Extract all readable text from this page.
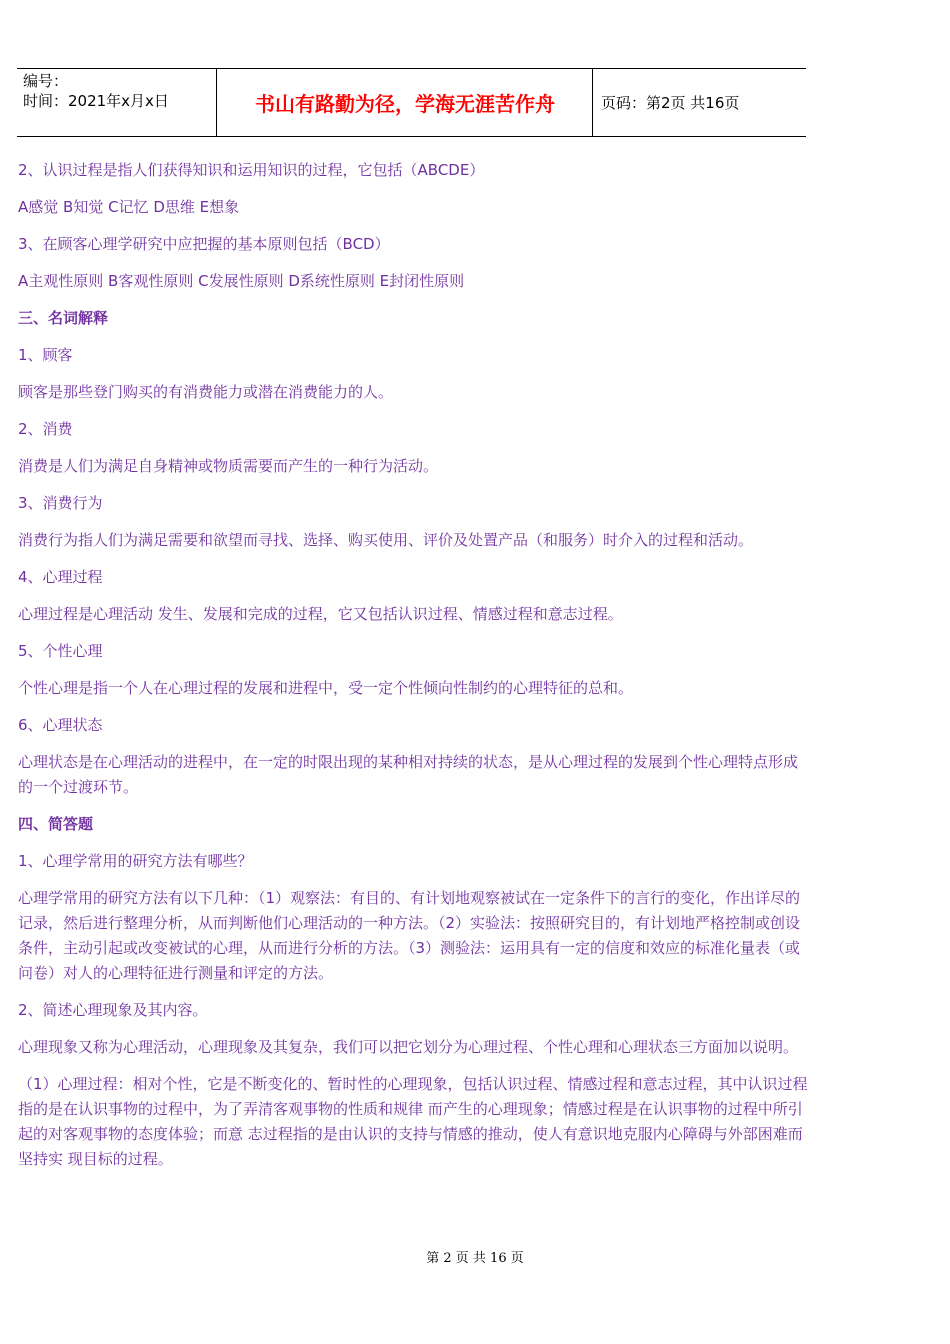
编号：
时间：2021年x月x日	书山有路勤为径，学海无涯苦作舟	页码：第2页 共16页

2、认识过程是指人们获得知识和运用知识的过程，它包括（ABCDE）

A感觉 B知觉 C记忆 D思维 E想象

3、在顾客心理学研究中应把握的基本原则包括（BCD）

A主观性原则 B客观性原则 C发展性原则 D系统性原则 E封闭性原则

三、名词解释

1、顾客

顾客是那些登门购买的有消费能力或潜在消费能力的人。

2、消费

消费是人们为满足自身精神或物质需要而产生的一种行为活动。

3、消费行为

消费行为指人们为满足需要和欲望而寻找、选择、购买使用、评价及处置产品（和服务）时介入的过程和活动。

4、心理过程

心理过程是心理活动 发生、发展和完成的过程，它又包括认识过程、情感过程和意志过程。

5、个性心理

个性心理是指一个人在心理过程的发展和进程中，受一定个性倾向性制约的心理特征的总和。

6、心理状态

心理状态是在心理活动的进程中，在一定的时限出现的某种相对持续的状态，是从心理过程的发展到个性心理特点形成的一个过渡环节。

四、简答题

1、心理学常用的研究方法有哪些？

心理学常用的研究方法有以下几种：（1）观察法：有目的、有计划地观察被试在一定条件下的言行的变化，作出详尽的记录，然后进行整理分析，从而判断他们心理活动的一种方法。（2）实验法：按照研究目的，有计划地严格控制或创设条件，主动引起或改变被试的心理，从而进行分析的方法。（3）测验法：运用具有一定的信度和效应的标准化量表（或问卷）对人的心理特征进行测量和评定的方法。

2、简述心理现象及其内容。

心理现象又称为心理活动，心理现象及其复杂，我们可以把它划分为心理过程、个性心理和心理状态三方面加以说明。

（1）心理过程：相对个性，它是不断变化的、暂时性的心理现象，包括认识过程、情感过程和意志过程，其中认识过程指的是在认识事物的过程中，为了弄清客观事物的性质和规律 而产生的心理现象；情感过程是在认识事物的过程中所引起的对客观事物的态度体验；而意 志过程指的是由认识的支持与情感的推动，使人有意识地克服内心障碍与外部困难而坚持实 现目标的过程。

第 2 页 共 16 页
